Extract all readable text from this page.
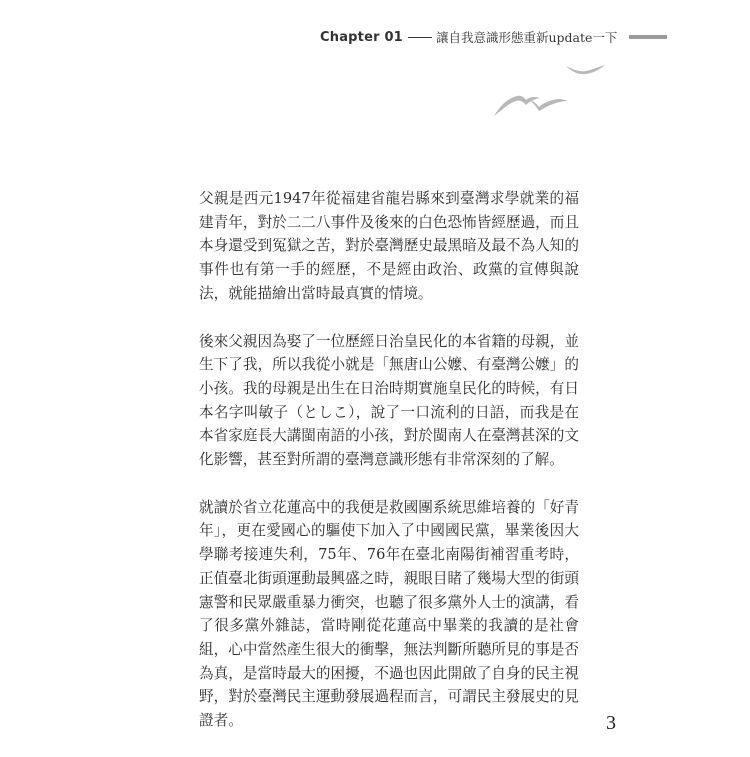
Chapter 01	讓自我意識形態重新update一下

父親是西元1947年從福建省龍岩縣來到臺灣求學就業的福建青年，對於二二八事件及後來的白色恐怖皆經歷過，而且本身還受到冤獄之苦，對於臺灣歷史最黑暗及最不為人知的事件也有第一手的經歷，不是經由政治、政黨的宣傳與說法，就能描繪出當時最真實的情境。

後來父親因為娶了一位歷經日治皇民化的本省籍的母親，並生下了我，所以我從小就是「無唐山公嬤、有臺灣公嬤」的小孩。我的母親是出生在日治時期實施皇民化的時候，有日本名字叫敏子（としこ），說了一口流利的日語，而我是在本省家庭長大講閩南語的小孩，對於閩南人在臺灣甚深的文化影響，甚至對所謂的臺灣意識形態有非常深刻的了解。

就讀於省立花蓮高中的我便是救國團系統思維培養的「好青年」，更在愛國心的驅使下加入了中國國民黨，畢業後因大學聯考接連失利，75年、76年在臺北南陽街補習重考時，正值臺北街頭運動最興盛之時，親眼目睹了幾場大型的街頭憲警和民眾嚴重暴力衝突，也聽了很多黨外人士的演講，看了很多黨外雜誌，當時剛從花蓮高中畢業的我讀的是社會組，心中當然產生很大的衝擊，無法判斷所聽所見的事是否為真，是當時最大的困擾，不過也因此開啟了自身的民主視野，對於臺灣民主運動發展過程而言，可謂民主發展史的見證者。	3
